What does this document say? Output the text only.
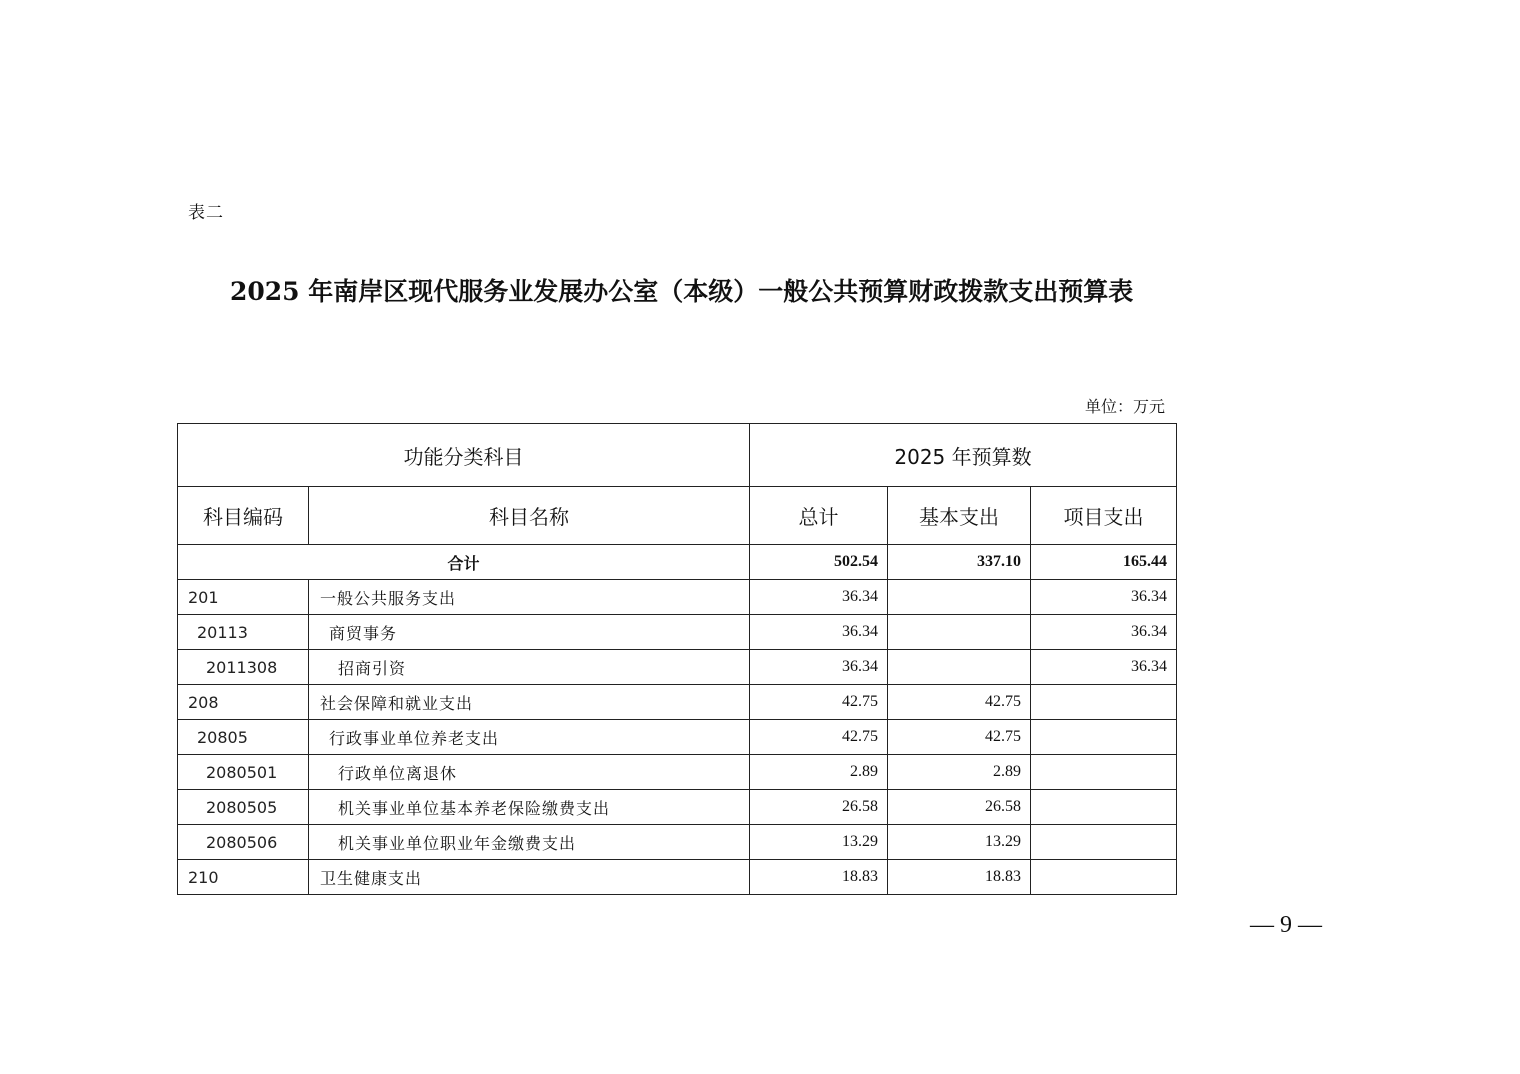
表二
2025 年南岸区现代服务业发展办公室（本级）一般公共预算财政拨款支出预算表
单位：万元
功能分类科目		2025 年预算数		
科目编码	科目名称	总计	基本支出	项目支出
合计		502.54	337.10	165.44
201	一般公共服务支出	36.34		36.34
20113	商贸事务	36.34		36.34
2011308	招商引资	36.34		36.34
208	社会保障和就业支出	42.75	42.75	
20805	行政事业单位养老支出	42.75	42.75	
2080501	行政单位离退休	2.89	2.89	
2080505	机关事业单位基本养老保险缴费支出	26.58	26.58	
2080506	机关事业单位职业年金缴费支出	13.29	13.29	
210	卫生健康支出	18.83	18.83	
— 9 —
